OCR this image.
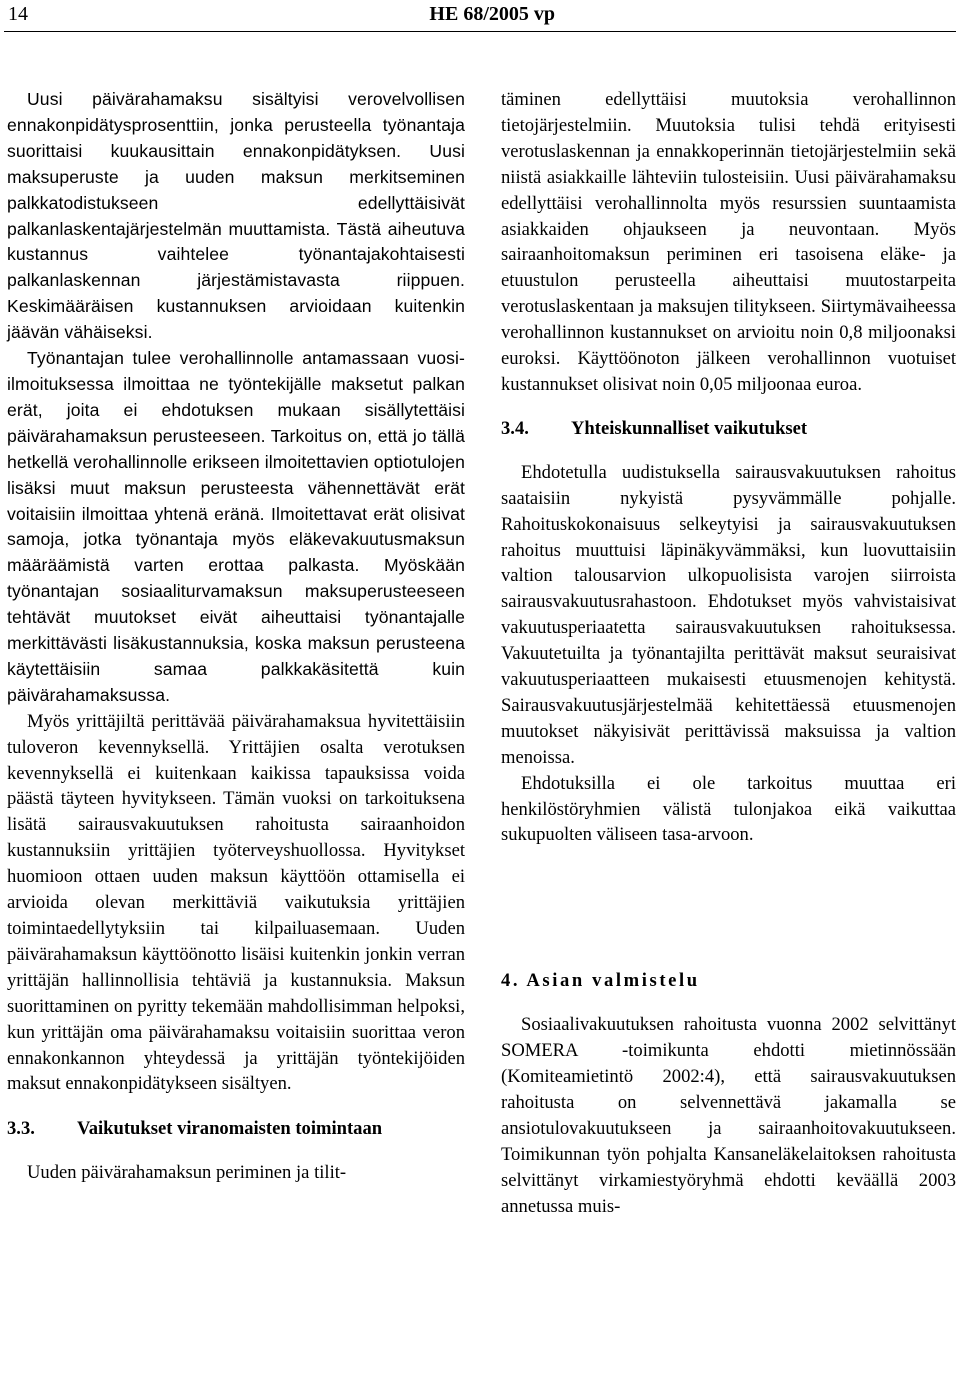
14	HE 68/2005 vp

Uusi päivärahamaksu sisältyisi verovelvollisen ennakonpidätysprosenttiin, jonka perusteella työnantaja suorittaisi kuukausittain ennakonpidätyksen. Uusi maksuperuste ja uuden maksun merkitseminen palkkatodistukseen edellyttäisivät palkanlaskentajärjestelmän muuttamista. Tästä aiheutuva kustannus vaihtelee työnantajakohtaisesti palkanlaskennan järjestämistavasta riippuen. Keskimääräisen kustannuksen arvioidaan kuitenkin jäävän vähäiseksi.

Työnantajan tulee verohallinnolle antamassaan vuosi-ilmoituksessa ilmoittaa ne työntekijälle maksetut palkan erät, joita ei ehdotuksen mukaan sisällytettäisi päivärahamaksun perusteeseen. Tarkoitus on, että jo tällä hetkellä verohallinnolle erikseen ilmoitettavien optiotulojen lisäksi muut maksun perusteesta vähennettävät erät voitaisiin ilmoittaa yhtenä eränä. Ilmoitettavat erät olisivat samoja, jotka työnantaja myös eläkevakuutusmaksun määräämistä varten erottaa palkasta. Myöskään työnantajan sosiaaliturvamaksun maksuperusteeseen tehtävät muutokset eivät aiheuttaisi työnantajalle merkittävästi lisäkustannuksia, koska maksun perusteena käytettäisiin samaa palkkakäsitettä kuin päivärahamaksussa.

Myös yrittäjiltä perittävää päivärahamaksua hyvitettäisiin tuloveron kevennyksellä. Yrittäjien osalta verotuksen kevennyksellä ei kuitenkaan kaikissa tapauksissa voida päästä täyteen hyvitykseen. Tämän vuoksi on tarkoituksena lisätä sairausvakuutuksen rahoitusta sairaanhoidon kustannuksiin yrittäjien työterveyshuollossa. Hyvitykset huomioon ottaen uuden maksun käyttöön ottamisella ei arvioida olevan merkittäviä vaikutuksia yrittäjien toimintaedellytyksiin tai kilpailuasemaan. Uuden päivärahamaksun käyttöönotto lisäisi kuitenkin jonkin verran yrittäjän hallinnollisia tehtäviä ja kustannuksia. Maksun suorittaminen on pyritty tekemään mahdollisimman helpoksi, kun yrittäjän oma päivärahamaksu voitaisiin suorittaa veron ennakonkannon yhteydessä ja yrittäjän työntekijöiden maksut ennakonpidätykseen sisältyen.

3.3.	Vaikutukset viranomaisten toimintaan

Uuden päivärahamaksun periminen ja tilit-

täminen edellyttäisi muutoksia verohallinnon tietojärjestelmiin. Muutoksia tulisi tehdä erityisesti verotuslaskennan ja ennakkoperinnän tietojärjestelmiin sekä niistä asiakkaille lähteviin tulosteisiin. Uusi päivärahamaksu edellyttäisi verohallinnolta myös resurssien suuntaamista asiakkaiden ohjaukseen ja neuvontaan. Myös sairaanhoitomaksun periminen eri tasoisena eläke- ja etuustulon perusteella aiheuttaisi muutostarpeita verotuslaskentaan ja maksujen tilitykseen. Siirtymävaiheessa verohallinnon kustannukset on arvioitu noin 0,8 miljoonaksi euroksi. Käyttöönoton jälkeen verohallinnon vuotuiset kustannukset olisivat noin 0,05 miljoonaa euroa.

3.4.	Yhteiskunnalliset vaikutukset

Ehdotetulla uudistuksella sairausvakuutuksen rahoitus saataisiin nykyistä pysyvämmälle pohjalle. Rahoituskokonaisuus selkeytyisi ja sairausvakuutuksen rahoitus muuttuisi läpinäkyvämmäksi, kun luovuttaisiin valtion talousarvion ulkopuolisista varojen siirroista sairausvakuutusrahastoon. Ehdotukset myös vahvistaisivat vakuutusperiaatetta sairausvakuutuksen rahoituksessa. Vakuutetuilta ja työnantajilta perittävät maksut seuraisivat vakuutusperiaatteen mukaisesti etuusmenojen kehitystä. Sairausvakuutusjärjestelmää kehitettäessä etuusmenojen muutokset näkyisivät perittävissä maksuissa ja valtion menoissa.

Ehdotuksilla ei ole tarkoitus muuttaa eri henkilöstöryhmien välistä tulonjakoa eikä vaikuttaa sukupuolten väliseen tasa-arvoon.

4. Asian valmistelu

Sosiaalivakuutuksen rahoitusta vuonna 2002 selvittänyt SOMERA -toimikunta ehdotti mietinnössään (Komiteamietintö 2002:4), että sairausvakuutuksen rahoitusta on selvennettävä jakamalla se ansiotulovakuutukseen ja sairaanhoitovakuutukseen. Toimikunnan työn pohjalta Kansaneläkelaitoksen rahoitusta selvittänyt virkamiestyöryhmä ehdotti keväällä 2003 annetussa muis-
